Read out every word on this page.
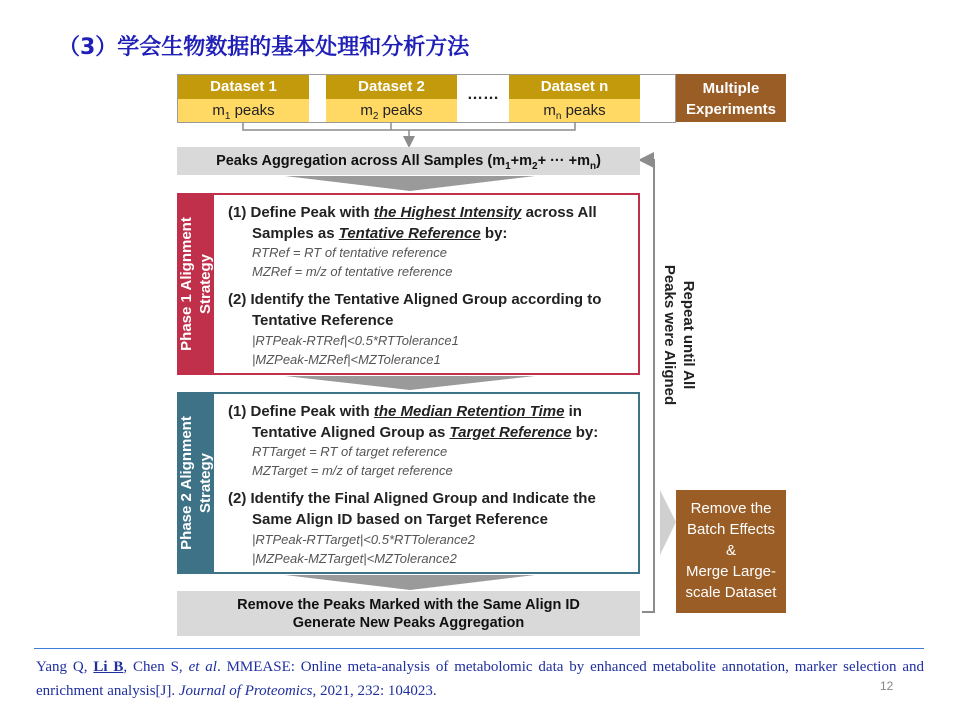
（3）学会生物数据的基本处理和分析方法
Dataset 1
$m_1$ peaks
Dataset 2
$m_2$ peaks
……	Dataset n
$m_n$ peaks
Multiple
Experiments
Peaks Aggregation across All Samples ($m_1+m_2+$ ··· $+m_n$)
Phase 1 Alignment Strategy
(1) Define Peak with the Highest Intensity across All
Samples as Tentative Reference by:
RTRef = RT of tentative reference
MZRef = m/z of tentative reference
(2) Identify the Tentative Aligned Group according to
Tentative Reference
|RTPeak-RTRef|<0.5*RTTolerance1
|MZPeak-MZRef|<MZTolerance1
Phase 2 Alignment Strategy
(1) Define Peak with the Median Retention Time in
Tentative Aligned Group as Target Reference by:
RTTarget = RT of target reference
MZTarget = m/z of target reference
(2) Identify the Final Aligned Group and Indicate the
Same Align ID based on Target Reference
|RTPeak-RTTarget|<0.5*RTTolerance2
|MZPeak-MZTarget|<MZTolerance2
Remove the Peaks Marked with the Same Align ID
Generate New Peaks Aggregation
Repeat until All
Peaks were Aligned
Remove the
Batch Effects
&
Merge Large-
scale Dataset
Yang Q, Li B, Chen S, et al. MMEASE: Online meta-analysis of metabolomic data by enhanced metabolite annotation, marker selection and enrichment analysis[J]. Journal of Proteomics, 2021, 232: 104023.	12
